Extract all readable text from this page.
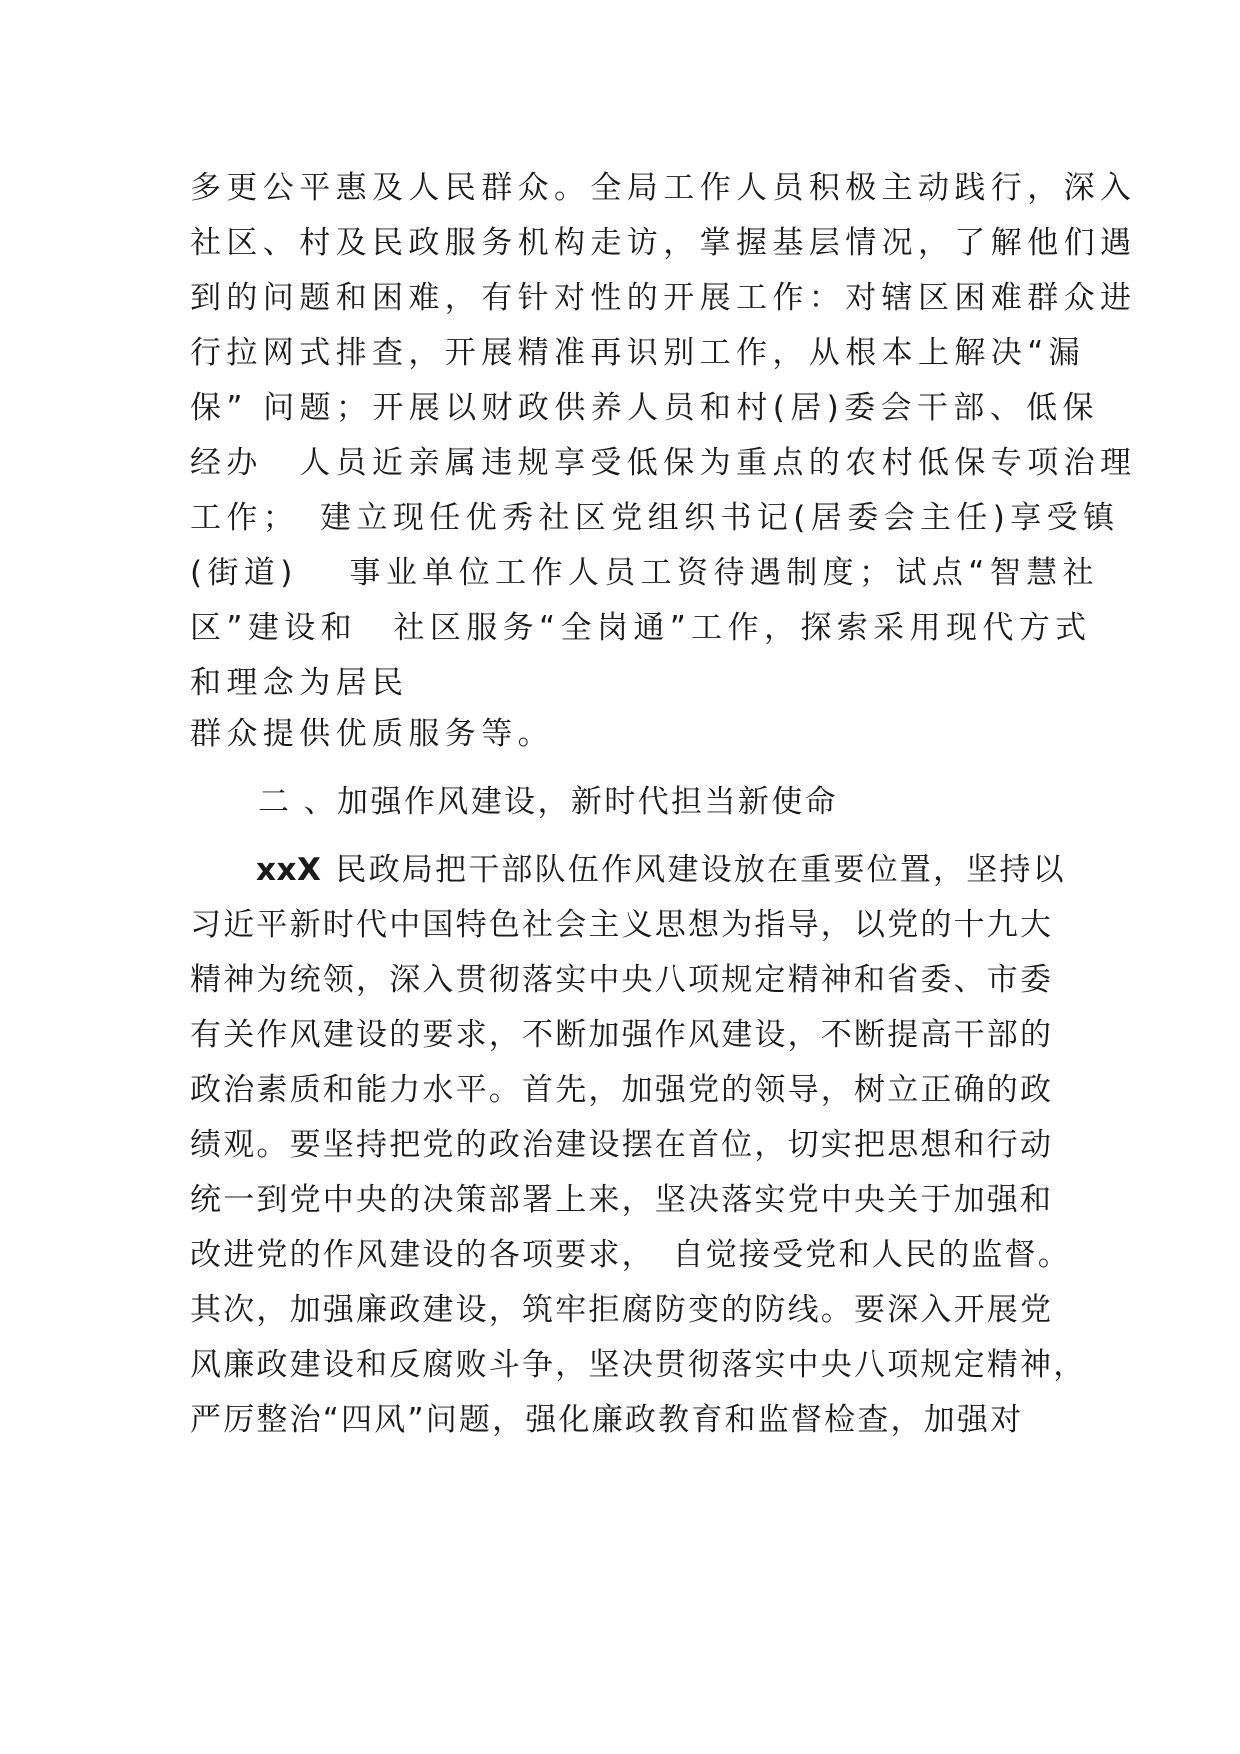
多更公平惠及人民群众。全局工作人员积极主动践行，深入
社区、村及民政服务机构走访，掌握基层情况，了解他们遇
到的问题和困难，有针对性的开展工作：对辖区困难群众进
行拉网式排查，开展精准再识别工作，从根本上解决“漏
保” 问题；开展以财政供养人员和村(居)委会干部、低保
经办　人员近亲属违规享受低保为重点的农村低保专项治理
工作；　建立现任优秀社区党组织书记(居委会主任)享受镇
(街道)　 事业单位工作人员工资待遇制度；试点“智慧社
区”建设和　社区服务“全岗通”工作，探索采用现代方式
和理念为居民
群众提供优质服务等。
二 、加强作风建设，新时代担当新使命
xxX 民政局把干部队伍作风建设放在重要位置，坚持以
习近平新时代中国特色社会主义思想为指导，以党的十九大
精神为统领，深入贯彻落实中央八项规定精神和省委、市委
有关作风建设的要求，不断加强作风建设，不断提高干部的
政治素质和能力水平。首先，加强党的领导，树立正确的政
绩观。要坚持把党的政治建设摆在首位，切实把思想和行动
统一到党中央的决策部署上来，坚决落实党中央关于加强和
改进党的作风建设的各项要求，　自觉接受党和人民的监督。
其次，加强廉政建设，筑牢拒腐防变的防线。要深入开展党
风廉政建设和反腐败斗争，坚决贯彻落实中央八项规定精神，
严厉整治“四风”问题，强化廉政教育和监督检查，加强对
